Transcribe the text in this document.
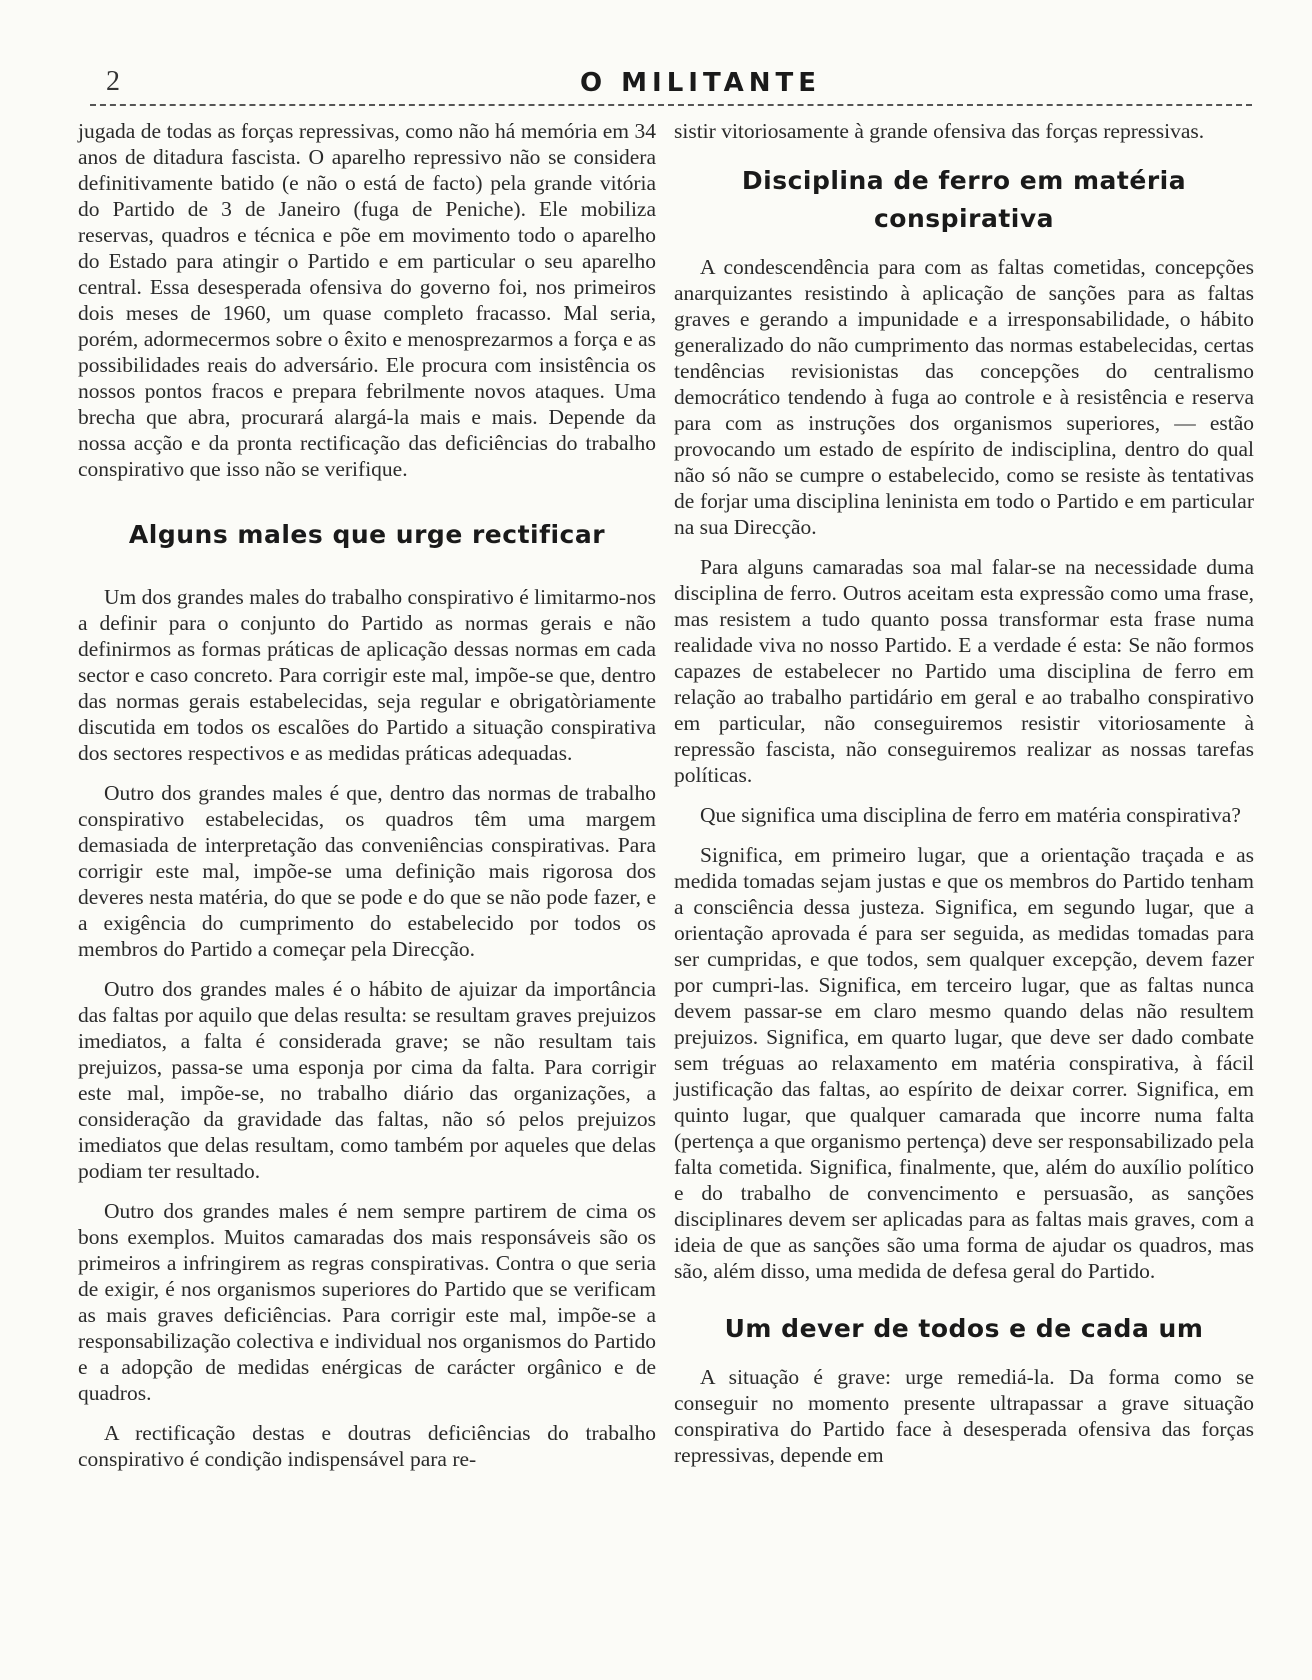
2	O MILITANTE

jugada de todas as forças repressivas, como não há memória em 34 anos de ditadura fascista. O aparelho repressivo não se considera definitivamente batido (e não o está de facto) pela grande vitória do Partido de 3 de Janeiro (fuga de Peniche). Ele mobiliza reservas, quadros e técnica e põe em movimento todo o aparelho do Estado para atingir o Partido e em particular o seu aparelho central. Essa desesperada ofensiva do governo foi, nos primeiros dois meses de 1960, um quase completo fracasso. Mal seria, porém, adormecermos sobre o êxito e menosprezarmos a força e as possibilidades reais do adversário. Ele procura com insistência os nossos pontos fracos e prepara febrilmente novos ataques. Uma brecha que abra, procurará alargá-la mais e mais. Depende da nossa acção e da pronta rectificação das deficiências do trabalho conspirativo que isso não se verifique.

Alguns males que urge rectificar

Um dos grandes males do trabalho conspirativo é limitarmo-nos a definir para o conjunto do Partido as normas gerais e não definirmos as formas práticas de aplicação dessas normas em cada sector e caso concreto. Para corrigir este mal, impõe-se que, dentro das normas gerais estabelecidas, seja regular e obrigatòriamente discutida em todos os escalões do Partido a situação conspirativa dos sectores respectivos e as medidas práticas adequadas.

Outro dos grandes males é que, dentro das normas de trabalho conspirativo estabelecidas, os quadros têm uma margem demasiada de interpretação das conveniências conspirativas. Para corrigir este mal, impõe-se uma definição mais rigorosa dos deveres nesta matéria, do que se pode e do que se não pode fazer, e a exigência do cumprimento do estabelecido por todos os membros do Partido a começar pela Direcção.

Outro dos grandes males é o hábito de ajuizar da importância das faltas por aquilo que delas resulta: se resultam graves prejuizos imediatos, a falta é considerada grave; se não resultam tais prejuizos, passa-se uma esponja por cima da falta. Para corrigir este mal, impõe-se, no trabalho diário das organizações, a consideração da gravidade das faltas, não só pelos prejuizos imediatos que delas resultam, como também por aqueles que delas podiam ter resultado.

Outro dos grandes males é nem sempre partirem de cima os bons exemplos. Muitos camaradas dos mais responsáveis são os primeiros a infringirem as regras conspirativas. Contra o que seria de exigir, é nos organismos superiores do Partido que se verificam as mais graves deficiências. Para corrigir este mal, impõe-se a responsabilização colectiva e individual nos organismos do Partido e a adopção de medidas enérgicas de carácter orgânico e de quadros.

A rectificação destas e doutras deficiências do trabalho conspirativo é condição indispensável para re-

sistir vitoriosamente à grande ofensiva das forças repressivas.

Disciplina de ferro em matéria conspirativa

A condescendência para com as faltas cometidas, concepções anarquizantes resistindo à aplicação de sanções para as faltas graves e gerando a impunidade e a irresponsabilidade, o hábito generalizado do não cumprimento das normas estabelecidas, certas tendências revisionistas das concepções do centralismo democrático tendendo à fuga ao controle e à resistência e reserva para com as instruções dos organismos superiores, — estão provocando um estado de espírito de indisciplina, dentro do qual não só não se cumpre o estabelecido, como se resiste às tentativas de forjar uma disciplina leninista em todo o Partido e em particular na sua Direcção.

Para alguns camaradas soa mal falar-se na necessidade duma disciplina de ferro. Outros aceitam esta expressão como uma frase, mas resistem a tudo quanto possa transformar esta frase numa realidade viva no nosso Partido. E a verdade é esta: Se não formos capazes de estabelecer no Partido uma disciplina de ferro em relação ao trabalho partidário em geral e ao trabalho conspirativo em particular, não conseguiremos resistir vitoriosamente à repressão fascista, não conseguiremos realizar as nossas tarefas políticas.

Que significa uma disciplina de ferro em matéria conspirativa?

Significa, em primeiro lugar, que a orientação traçada e as medida tomadas sejam justas e que os membros do Partido tenham a consciência dessa justeza. Significa, em segundo lugar, que a orientação aprovada é para ser seguida, as medidas tomadas para ser cumpridas, e que todos, sem qualquer excepção, devem fazer por cumpri-las. Significa, em terceiro lugar, que as faltas nunca devem passar-se em claro mesmo quando delas não resultem prejuizos. Significa, em quarto lugar, que deve ser dado combate sem tréguas ao relaxamento em matéria conspirativa, à fácil justificação das faltas, ao espírito de deixar correr. Significa, em quinto lugar, que qualquer camarada que incorre numa falta (pertença a que organismo pertença) deve ser responsabilizado pela falta cometida. Significa, finalmente, que, além do auxílio político e do trabalho de convencimento e persuasão, as sanções disciplinares devem ser aplicadas para as faltas mais graves, com a ideia de que as sanções são uma forma de ajudar os quadros, mas são, além disso, uma medida de defesa geral do Partido.

Um dever de todos e de cada um

A situação é grave: urge remediá-la. Da forma como se conseguir no momento presente ultrapassar a grave situação conspirativa do Partido face à desesperada ofensiva das forças repressivas, depende em
